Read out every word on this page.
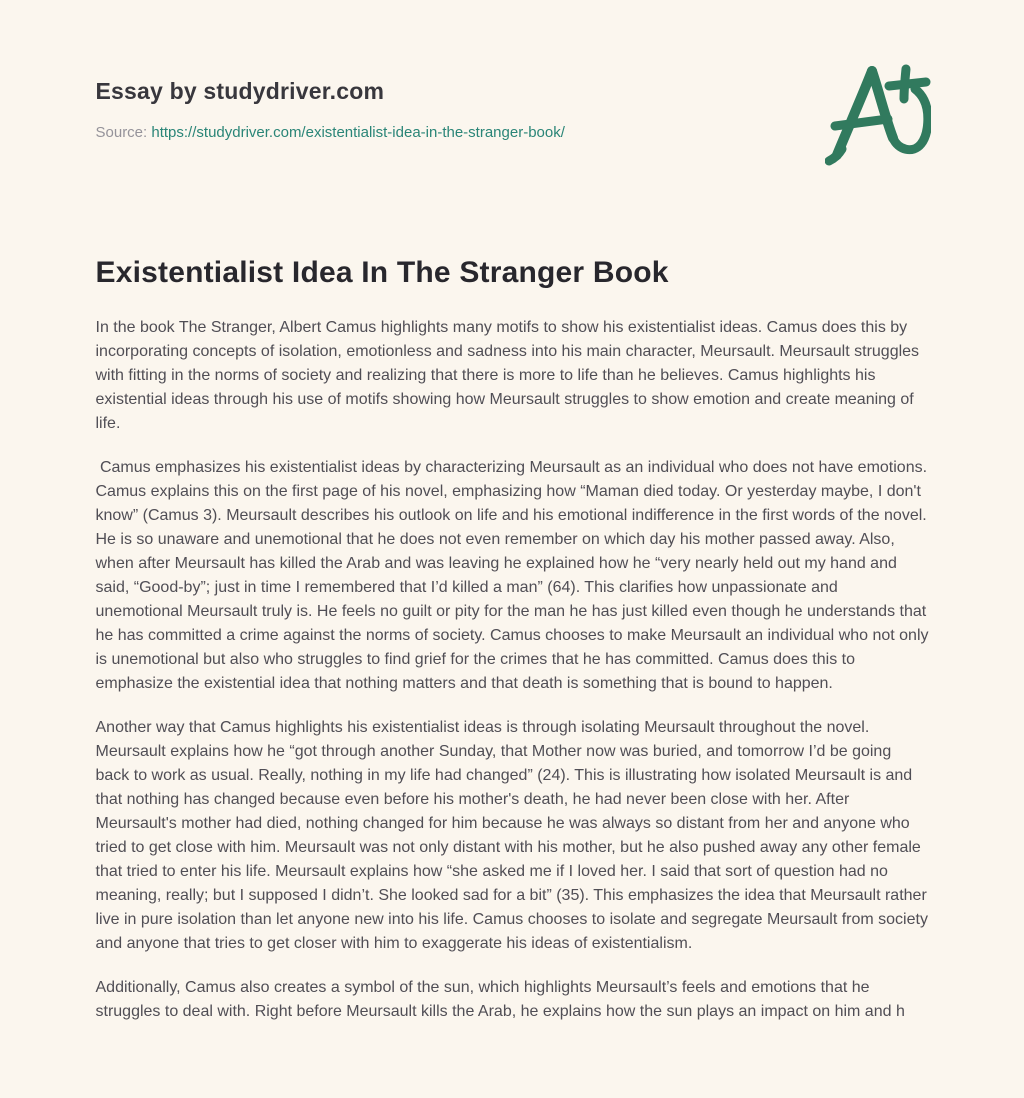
Essay by studydriver.com
Source: https://studydriver.com/existentialist-idea-in-the-stranger-book/
Existentialist Idea In The Stranger Book

In the book The Stranger, Albert Camus highlights many motifs to show his existentialist ideas. Camus does this by incorporating concepts of isolation, emotionless and sadness into his main character, Meursault. Meursault struggles with fitting in the norms of society and realizing that there is more to life than he believes. Camus highlights his existential ideas through his use of motifs showing how Meursault struggles to show emotion and create meaning of life.

Camus emphasizes his existentialist ideas by characterizing Meursault as an individual who does not have emotions. Camus explains this on the first page of his novel, emphasizing how “Maman died today. Or yesterday maybe, I don't know” (Camus 3). Meursault describes his outlook on life and his emotional indifference in the first words of the novel. He is so unaware and unemotional that he does not even remember on which day his mother passed away. Also, when after Meursault has killed the Arab and was leaving he explained how he “very nearly held out my hand and said, “Good-by”; just in time I remembered that I’d killed a man” (64). This clarifies how unpassionate and unemotional Meursault truly is. He feels no guilt or pity for the man he has just killed even though he understands that he has committed a crime against the norms of society. Camus chooses to make Meursault an individual who not only is unemotional but also who struggles to find grief for the crimes that he has committed. Camus does this to emphasize the existential idea that nothing matters and that death is something that is bound to happen.

Another way that Camus highlights his existentialist ideas is through isolating Meursault throughout the novel. Meursault explains how he “got through another Sunday, that Mother now was buried, and tomorrow I’d be going back to work as usual. Really, nothing in my life had changed” (24). This is illustrating how isolated Meursault is and that nothing has changed because even before his mother's death, he had never been close with her. After Meursault's mother had died, nothing changed for him because he was always so distant from her and anyone who tried to get close with him. Meursault was not only distant with his mother, but he also pushed away any other female that tried to enter his life. Meursault explains how “she asked me if I loved her. I said that sort of question had no meaning, really; but I supposed I didn’t. She looked sad for a bit” (35). This emphasizes the idea that Meursault rather live in pure isolation than let anyone new into his life. Camus chooses to isolate and segregate Meursault from society and anyone that tries to get closer with him to exaggerate his ideas of existentialism.

Additionally, Camus also creates a symbol of the sun, which highlights Meursault’s feels and emotions that he struggles to deal with. Right before Meursault kills the Arab, he explains how the sun plays an impact on him and h
